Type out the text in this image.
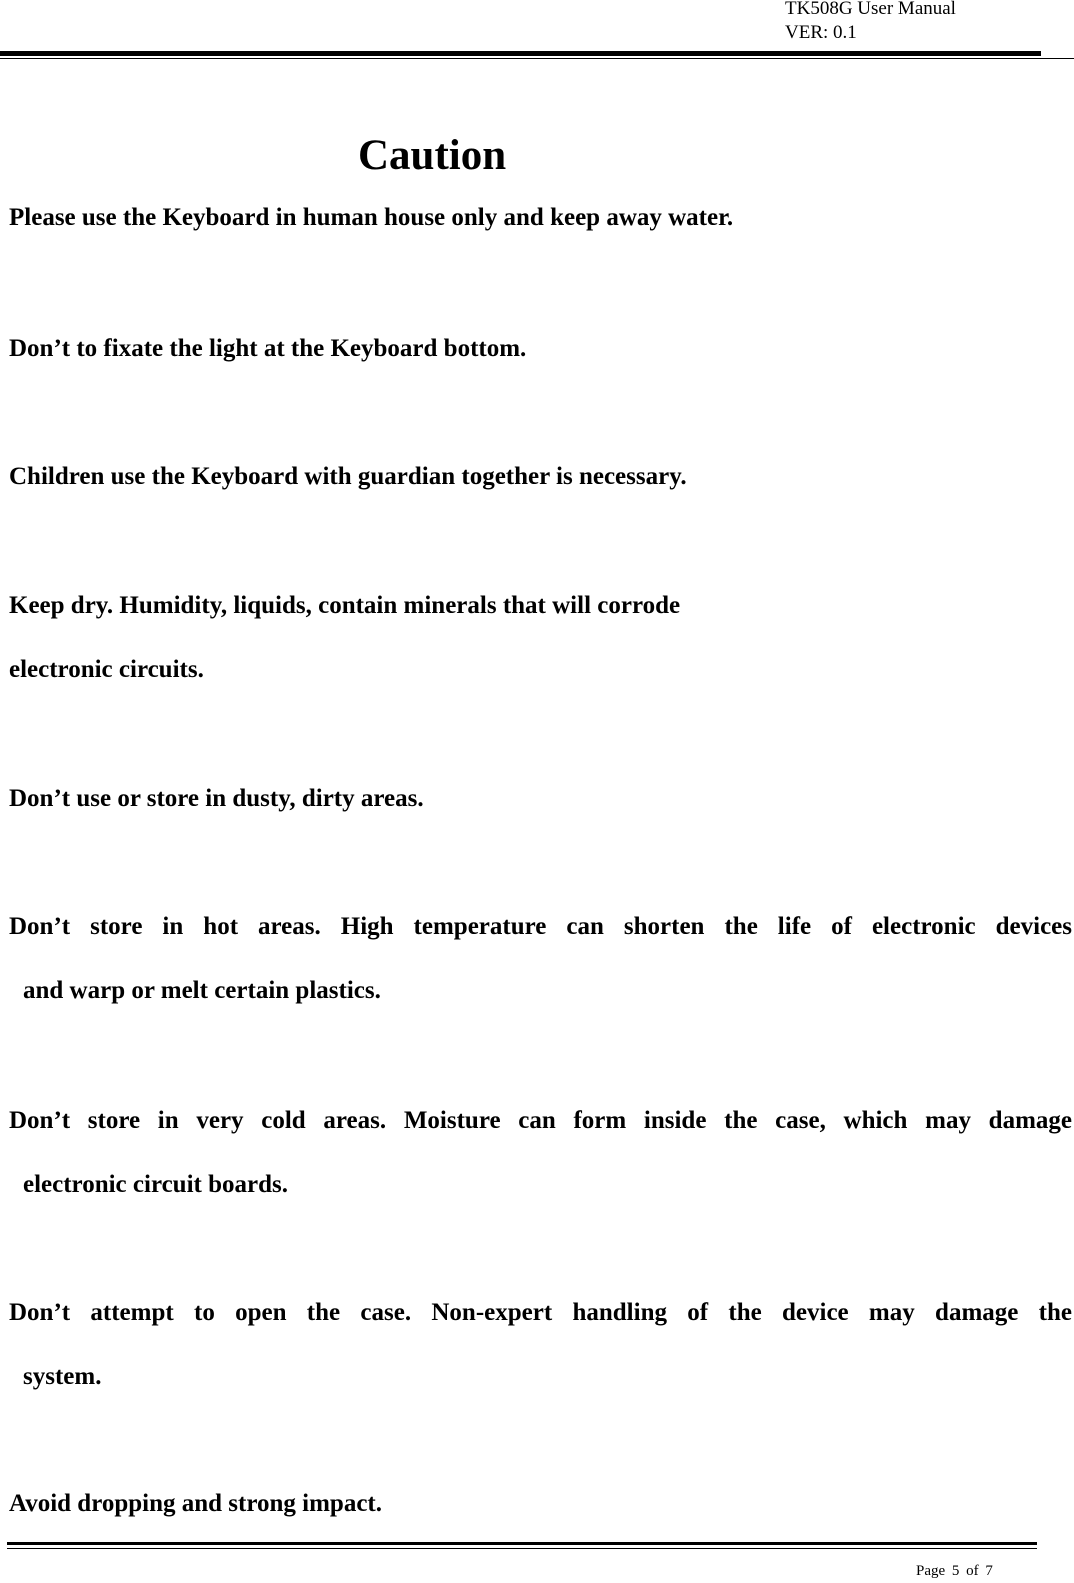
TK508G User Manual
VER: 0.1
Caution
Please use the Keyboard in human house only and keep away water.
Don’t to fixate the light at the Keyboard bottom.
Children use the Keyboard with guardian together is necessary.
Keep dry. Humidity, liquids, contain minerals that will corrode
electronic circuits.
Don’t use or store in dusty, dirty areas.
Don’t store in hot areas. High temperature can shorten the life of electronic devices
and warp or melt certain plastics.
Don’t store in very cold areas. Moisture can form inside the case, which may damage
electronic circuit boards.
Don’t attempt to open the case. Non-expert handling of the device may damage the
system.
Avoid dropping and strong impact.
Page 5 of 7
